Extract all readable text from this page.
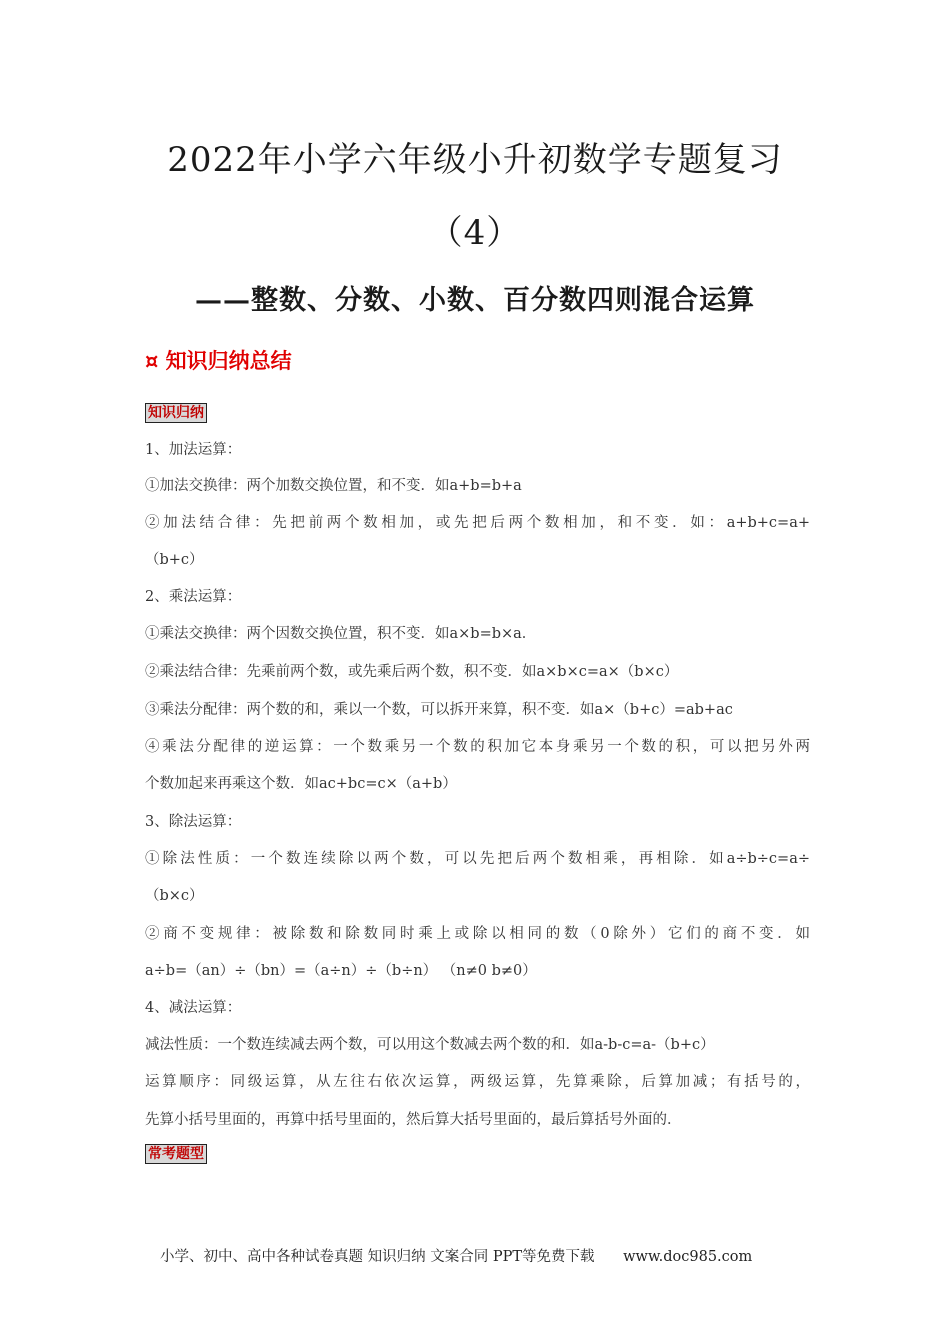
2022年小学六年级小升初数学专题复习
（4）
——整数、分数、小数、百分数四则混合运算
¤ 知识归纳总结
知识归纳
1、加法运算：
①加法交换律：两个加数交换位置，和不变．如a+b=b+a
②加法结合律：先把前两个数相加，或先把后两个数相加，和不变．如：a+b+c=a+
（b+c）
2、乘法运算：
①乘法交换律：两个因数交换位置，积不变．如a×b=b×a．
②乘法结合律：先乘前两个数，或先乘后两个数，积不变．如a×b×c=a×（b×c）
③乘法分配律：两个数的和，乘以一个数，可以拆开来算，积不变．如a×（b+c）=ab+ac
④乘法分配律的逆运算：一个数乘另一个数的积加它本身乘另一个数的积，可以把另外两
个数加起来再乘这个数．如ac+bc=c×（a+b）
3、除法运算：
①除法性质：一个数连续除以两个数，可以先把后两个数相乘，再相除．如a÷b÷c=a÷
（b×c）
②商不变规律：被除数和除数同时乘上或除以相同的数（0除外）它们的商不变．如
a÷b=（an）÷（bn）=（a÷n）÷（b÷n） （n≠0 b≠0）
4、减法运算：
减法性质：一个数连续减去两个数，可以用这个数减去两个数的和．如a-b-c=a-（b+c）
运算顺序：同级运算，从左往右依次运算，两级运算，先算乘除，后算加减；有括号的，
先算小括号里面的，再算中括号里面的，然后算大括号里面的，最后算括号外面的．
常考题型
小学、初中、高中各种试卷真题 知识归纳 文案合同 PPT等免费下载 www.doc985.com
